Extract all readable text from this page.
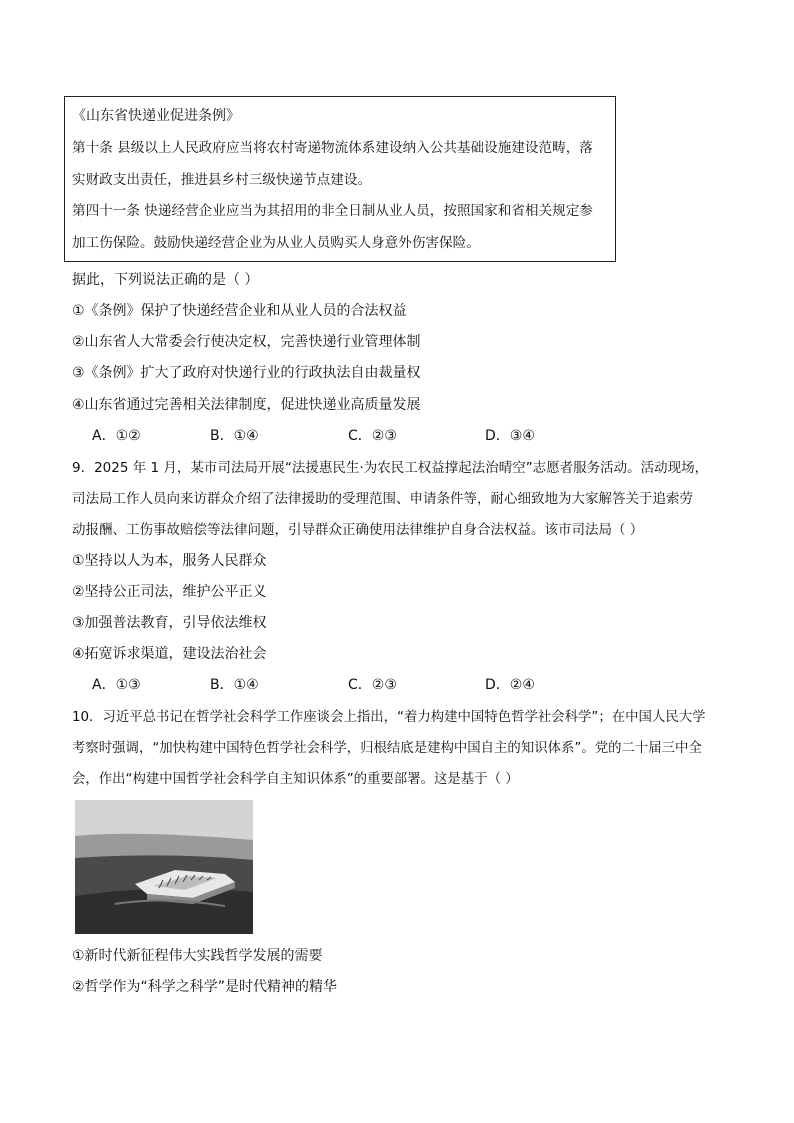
《山东省快递业促进条例》
第十条 县级以上人民政府应当将农村寄递物流体系建设纳入公共基础设施建设范畴，落
实财政支出责任，推进县乡村三级快递节点建设。
第四十一条 快递经营企业应当为其招用的非全日制从业人员，按照国家和省相关规定参
加工伤保险。鼓励快递经营企业为从业人员购买人身意外伤害保险。
据此，下列说法正确的是（ ）
①《条例》保护了快递经营企业和从业人员的合法权益
②山东省人大常委会行使决定权，完善快递行业管理体制
③《条例》扩大了政府对快递行业的行政执法自由裁量权
④山东省通过完善相关法律制度，促进快递业高质量发展
A．①②	B．①④	C．②③	D．③④
9．2025 年 1 月，某市司法局开展“法援惠民生·为农民工权益撑起法治晴空”志愿者服务活动。活动现场，
司法局工作人员向来访群众介绍了法律援助的受理范围、申请条件等，耐心细致地为大家解答关于追索劳
动报酬、工伤事故赔偿等法律问题，引导群众正确使用法律维护自身合法权益。该市司法局（ ）
①坚持以人为本，服务人民群众
②坚持公正司法，维护公平正义
③加强普法教育，引导依法维权
④拓宽诉求渠道，建设法治社会
A．①③	B．①④	C．②③	D．②④
10．习近平总书记在哲学社会科学工作座谈会上指出，“着力构建中国特色哲学社会科学”；在中国人民大学
考察时强调，“加快构建中国特色哲学社会科学，归根结底是建构中国自主的知识体系”。党的二十届三中全
会，作出“构建中国哲学社会科学自主知识体系”的重要部署。这是基于（ ）
①新时代新征程伟大实践哲学发展的需要
②哲学作为“科学之科学”是时代精神的精华
